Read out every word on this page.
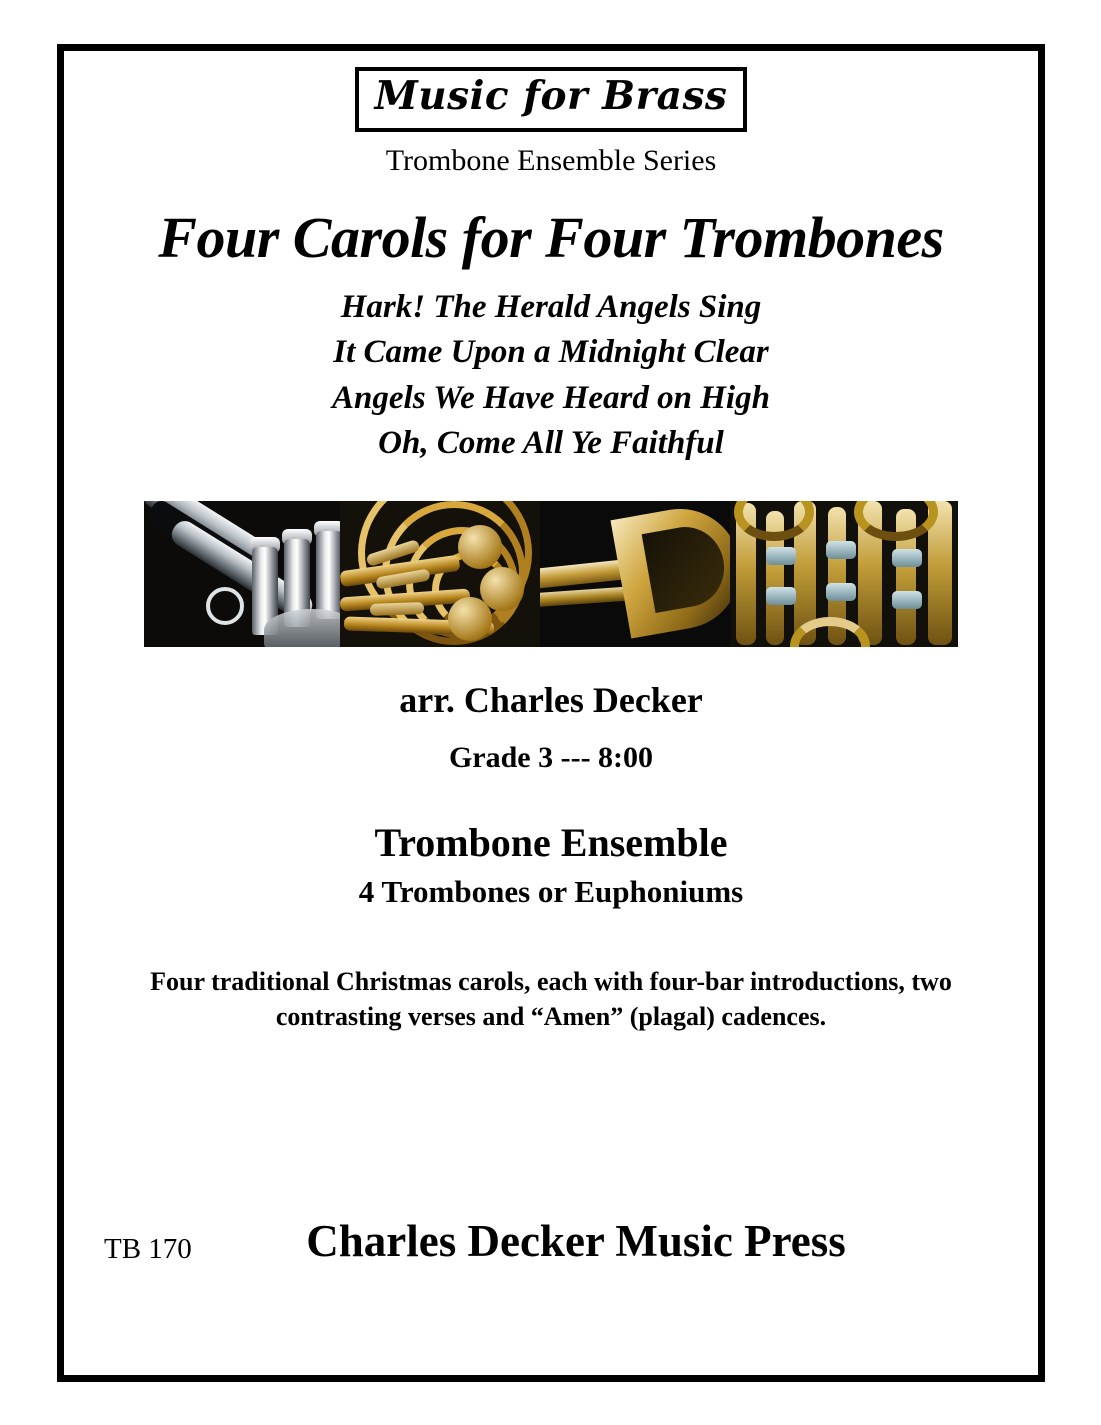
Music for Brass
Trombone Ensemble Series
Four Carols for Four Trombones
Hark! The Herald Angels Sing
It Came Upon a Midnight Clear
Angels We Have Heard on High
Oh, Come All Ye Faithful
arr. Charles Decker
Grade 3 --- 8:00
Trombone Ensemble
4 Trombones or Euphoniums
Four traditional Christmas carols, each with four-bar introductions, two contrasting verses and “Amen” (plagal) cadences.
TB 170	Charles Decker Music Press
